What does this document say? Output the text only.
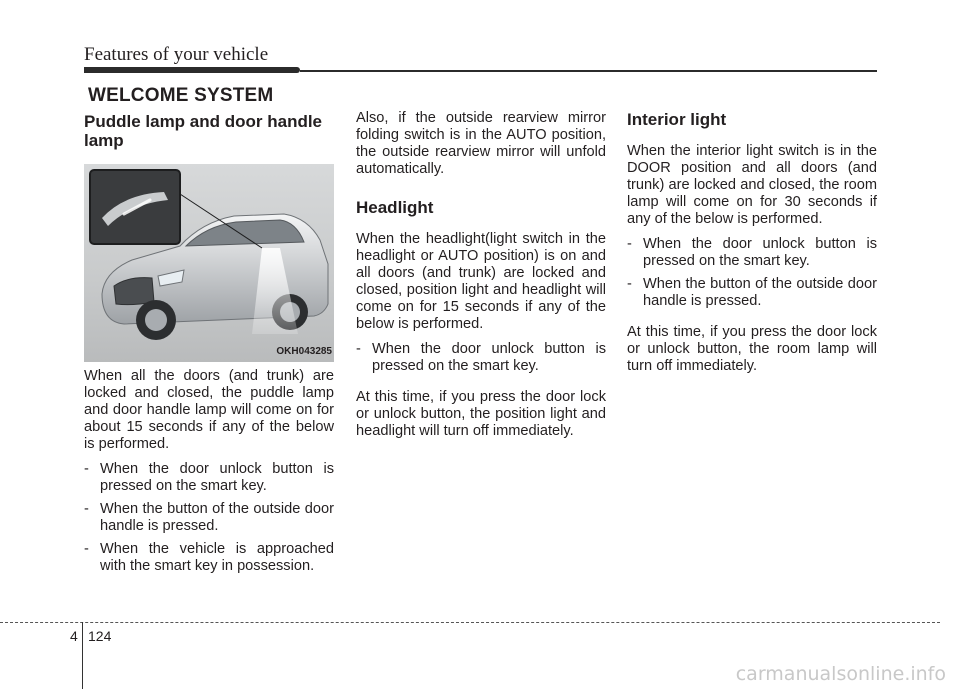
Features of your vehicle
WELCOME SYSTEM
Puddle lamp and door handle lamp
OKH043285

When all the doors (and trunk) are locked and closed, the puddle lamp and door handle lamp will come on for about 15 seconds if any of the below is performed.

- When the door unlock button is pressed on the smart key.
- When the button of the outside door handle is pressed.
- When the vehicle is approached with the smart key in possession.

Also, if the outside rearview mirror folding switch is in the AUTO position, the outside rearview mirror will unfold automatically.

Headlight

When the headlight(light switch in the headlight or AUTO position) is on and all doors (and trunk) are locked and closed, position light and headlight will come on for 15 seconds if any of the below is performed.

- When the door unlock button is pressed on the smart key.

At this time, if you press the door lock or unlock button, the position light and headlight will turn off immediately.

Interior light

When the interior light switch is in the DOOR position and all doors (and trunk) are locked and closed, the room lamp will come on for 30 seconds if any of the below is performed.

- When the door unlock button is pressed on the smart key.
- When the button of the outside door handle is pressed.

At this time, if you press the door lock or unlock button, the room lamp will turn off immediately.

4 124
carmanualsonline.info
